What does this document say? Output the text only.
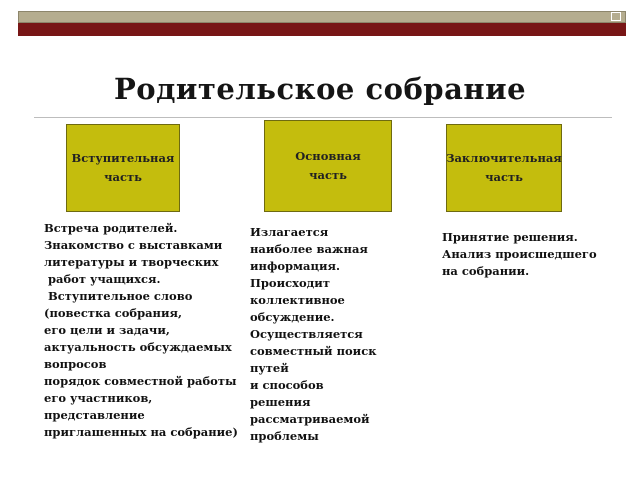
Родительское собрание
Вступительная
часть
Основная
часть
Заключительная
часть
Встреча родителей.
Знакомство с выставками
литературы и творческих
работ учащихся.
Вступительное слово
(повестка собрания,
его цели и задачи,
актуальность обсуждаемых
вопросов
порядок совместной работы
его участников,
представление
приглашенных на собрание)
Излагается
наиболее важная
информация.
Происходит
коллективное
обсуждение.
Осуществляется
совместный поиск
путей
и способов
решения
рассматриваемой
проблемы
Принятие решения.
Анализ происшедшего
на собрании.
